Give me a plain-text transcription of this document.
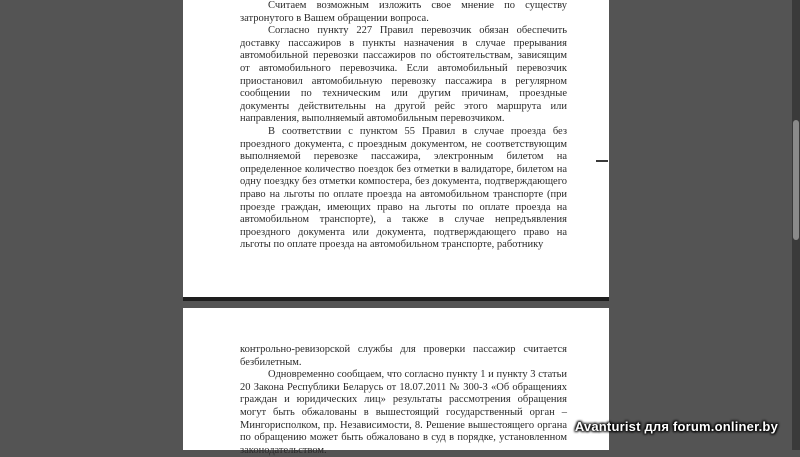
Считаем возможным изложить свое мнение по существу затронутого в Вашем обращении вопроса.

Согласно пункту 227 Правил перевозчик обязан обеспечить доставку пассажиров в пункты назначения в случае прерывания автомобильной перевозки пассажиров по обстоятельствам, зависящим от автомобильного перевозчика. Если автомобильный перевозчик приостановил автомобильную перевозку пассажира в регулярном сообщении по техническим или другим причинам, проездные документы действительны на другой рейс этого маршрута или направления, выполняемый автомобильным перевозчиком.

В соответствии с пунктом 55 Правил в случае проезда без проездного документа, с проездным документом, не соответствующим выполняемой перевозке пассажира, электронным билетом на определенное количество поездок без отметки в валидаторе, билетом на одну поездку без отметки компостера, без документа, подтверждающего право на льготы по оплате проезда на автомобильном транспорте (при проезде граждан, имеющих право на льготы по оплате проезда на автомобильном транспорте), а также в случае непредъявления проездного документа или документа, подтверждающего право на льготы по оплате проезда на автомобильном транспорте, работнику

контрольно-ревизорской службы для проверки пассажир считается безбилетным.

Одновременно сообщаем, что согласно пункту 1 и пункту 3 статьи 20 Закона Республики Беларусь от 18.07.2011 № 300-З «Об обращениях граждан и юридических лиц» результаты рассмотрения обращения могут быть обжалованы в вышестоящий государственный орган – Мингорисполком, пр. Независимости, 8. Решение вышестоящего органа по обращению может быть обжаловано в суд в порядке, установленном законодательством.

Avanturist для forum.onliner.by
